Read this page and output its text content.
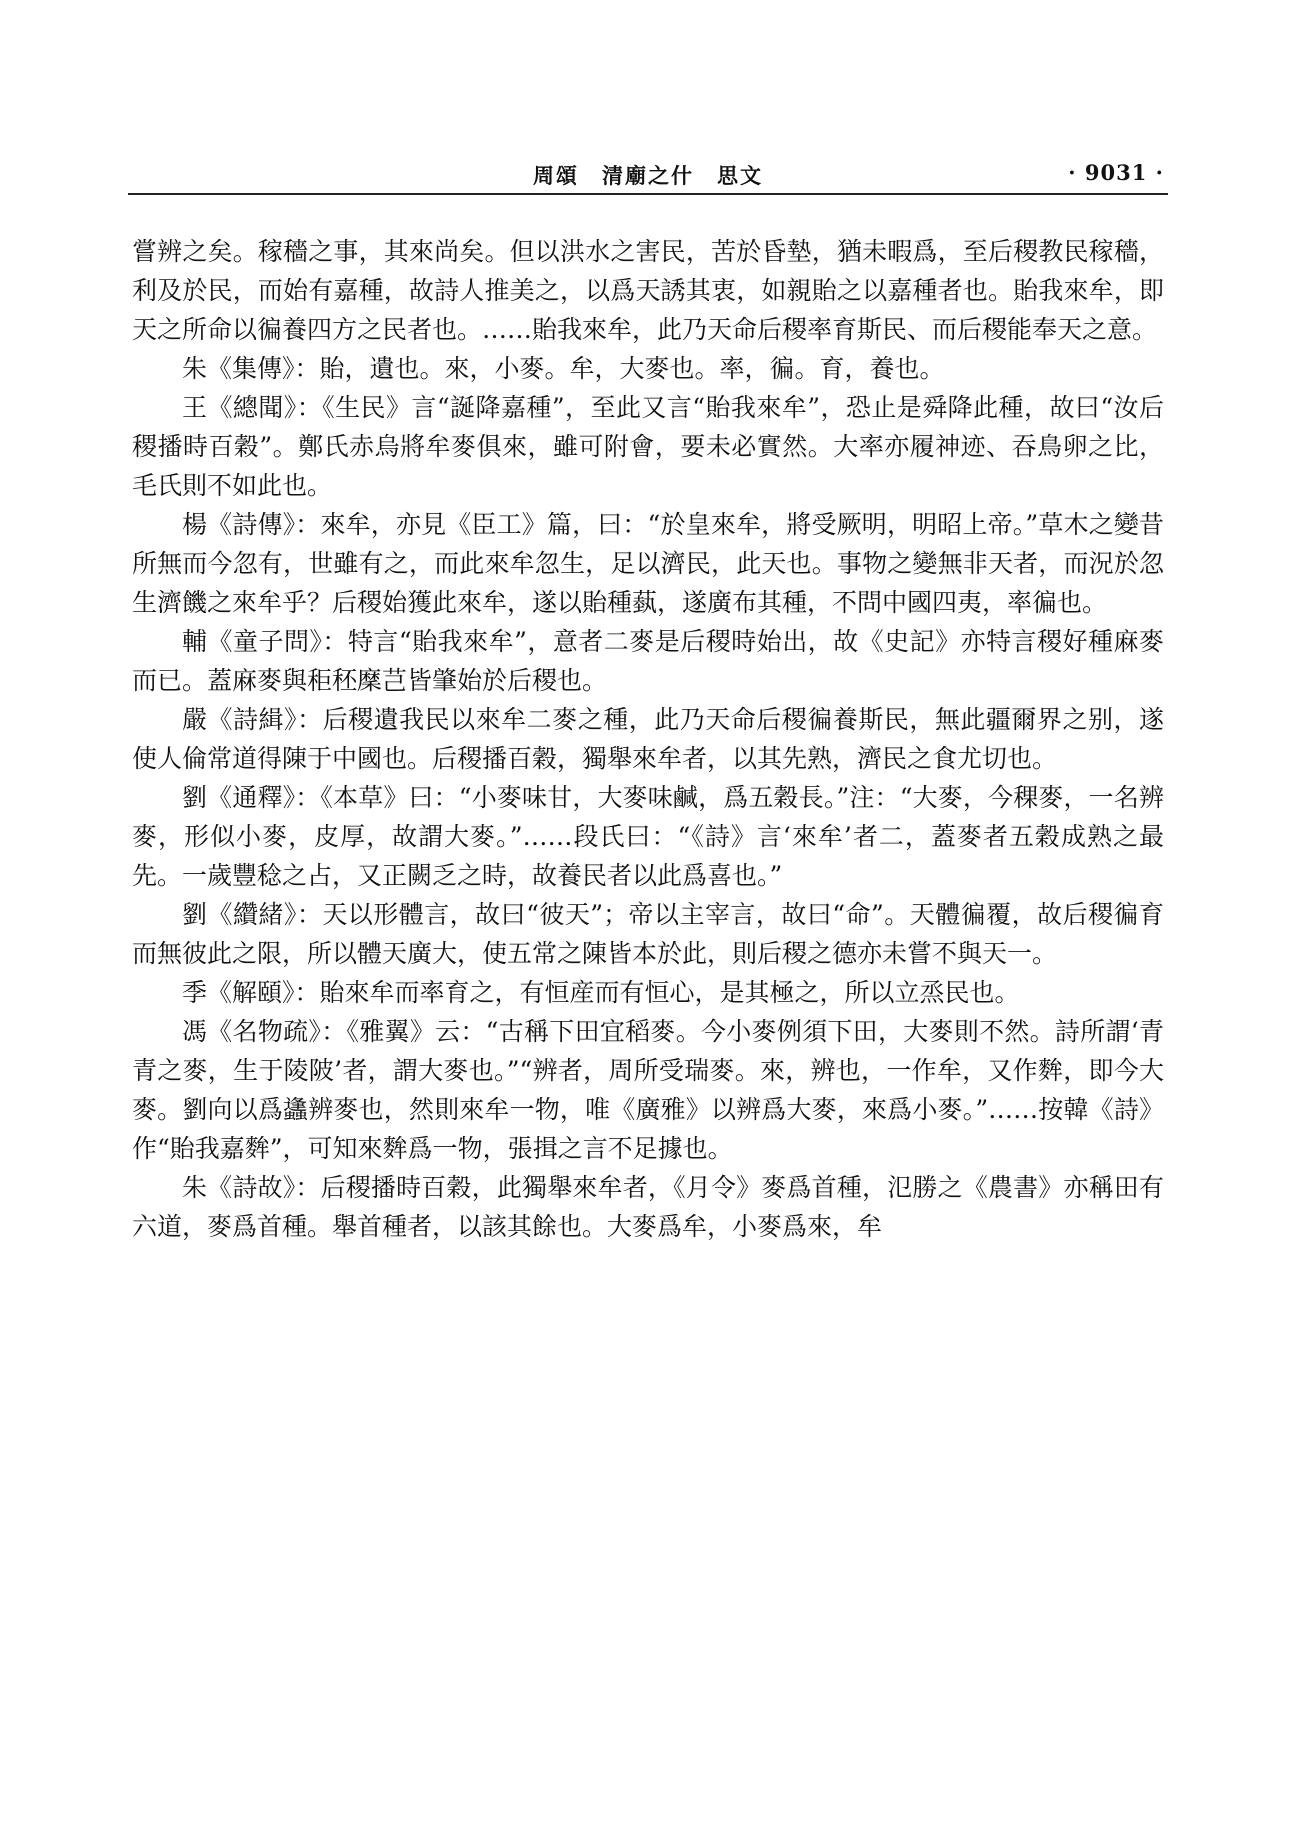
周頌　清廟之什　思文	· 9031 ·

嘗辨之矣。稼穡之事，其來尚矣。但以洪水之害民，苦於昏墊，猶未暇爲，至后稷教民稼穡，利及於民，而始有嘉種，故詩人推美之，以爲天誘其衷，如親貽之以嘉種者也。貽我來牟，即天之所命以徧養四方之民者也。……貽我來牟，此乃天命后稷率育斯民、而后稷能奉天之意。

朱《集傳》：貽，遺也。來，小麥。牟，大麥也。率，徧。育，養也。

王《總聞》：《生民》言“誕降嘉種”，至此又言“貽我來牟”，恐止是舜降此種，故曰“汝后稷播時百穀”。鄭氏赤烏將牟麥俱來，雖可附會，要未必實然。大率亦履神迹、吞鳥卵之比，毛氏則不如此也。

楊《詩傳》：來牟，亦見《臣工》篇，曰：“於皇來牟，將受厥明，明昭上帝。”草木之變昔所無而今忽有，世雖有之，而此來牟忽生，足以濟民，此天也。事物之變無非天者，而況於忽生濟饑之來牟乎？后稷始獲此來牟，遂以貽種蓺，遂廣布其種，不問中國四夷，率徧也。

輔《童子問》：特言“貽我來牟”，意者二麥是后稷時始出，故《史記》亦特言稷好種麻麥而已。蓋麻麥與秬秠穈芑皆肇始於后稷也。

嚴《詩緝》：后稷遺我民以來牟二麥之種，此乃天命后稷徧養斯民，無此疆爾界之别，遂使人倫常道得陳于中國也。后稷播百穀，獨舉來牟者，以其先熟，濟民之食尤切也。

劉《通釋》：《本草》曰：“小麥味甘，大麥味鹹，爲五穀長。”注：“大麥，今稞麥，一名辨麥，形似小麥，皮厚，故謂大麥。”……段氏曰：“《詩》言‘來牟’者二，蓋麥者五穀成熟之最先。一歲豐稔之占，又正闕乏之時，故養民者以此爲喜也。”

劉《纘緒》：天以形體言，故曰“彼天”；帝以主宰言，故曰“命”。天體徧覆，故后稷徧育而無彼此之限，所以體天廣大，使五常之陳皆本於此，則后稷之德亦未嘗不與天一。

季《解頤》：貽來牟而率育之，有恒産而有恒心，是其極之，所以立烝民也。

馮《名物疏》：《雅翼》云：“古稱下田宜稻麥。今小麥例須下田，大麥則不然。詩所謂‘青青之麥，生于陵陂’者，謂大麥也。”“辨者，周所受瑞麥。來，辨也，一作牟，又作麰，即今大麥。劉向以爲蠭辨麥也，然則來牟一物，唯《廣雅》以辨爲大麥，來爲小麥。”……按韓《詩》作“貽我嘉麰”，可知來麰爲一物，張揖之言不足據也。

朱《詩故》：后稷播時百穀，此獨舉來牟者，《月令》麥爲首種，氾勝之《農書》亦稱田有六道，麥爲首種。舉首種者，以該其餘也。大麥爲牟，小麥爲來，牟
